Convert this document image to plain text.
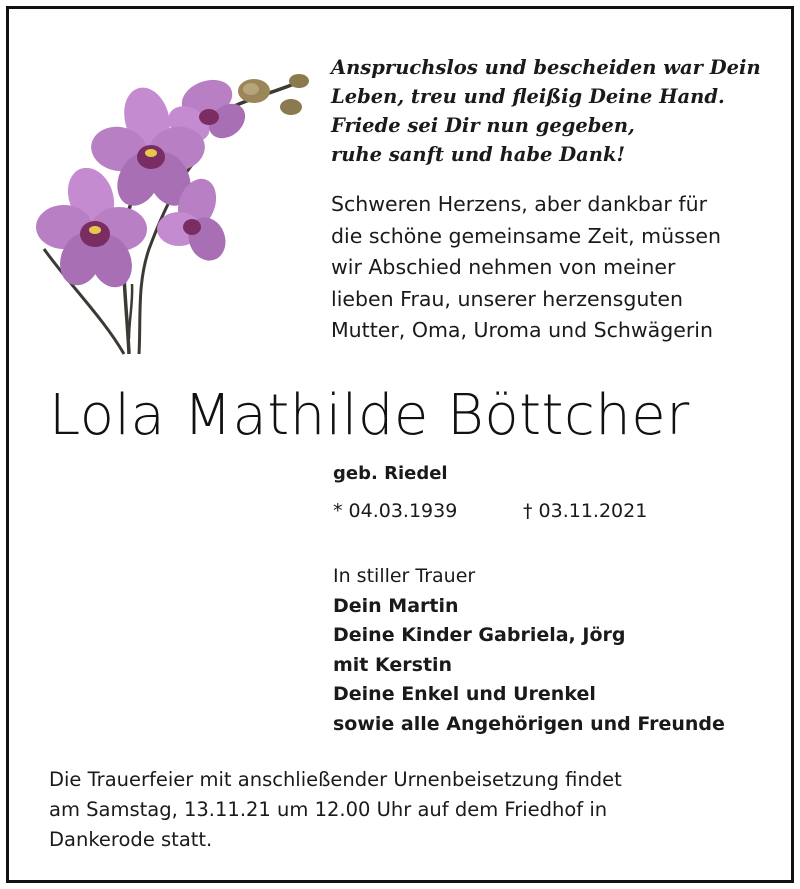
Anspruchslos und bescheiden war Dein
Leben, treu und fleißig Deine Hand.
Friede sei Dir nun gegeben,
ruhe sanft und habe Dank!
Schweren Herzens, aber dankbar für
die schöne gemeinsame Zeit, müssen
wir Abschied nehmen von meiner
lieben Frau, unserer herzensguten
Mutter, Oma, Uroma und Schwägerin
Lola Mathilde Böttcher
geb. Riedel
* 04.03.1939	† 03.11.2021
In stiller Trauer
Dein Martin
Deine Kinder Gabriela, Jörg
mit Kerstin
Deine Enkel und Urenkel
sowie alle Angehörigen und Freunde
Die Trauerfeier mit anschließender Urnenbeisetzung findet
am Samstag, 13.11.21 um 12.00 Uhr auf dem Friedhof in
Dankerode statt.
